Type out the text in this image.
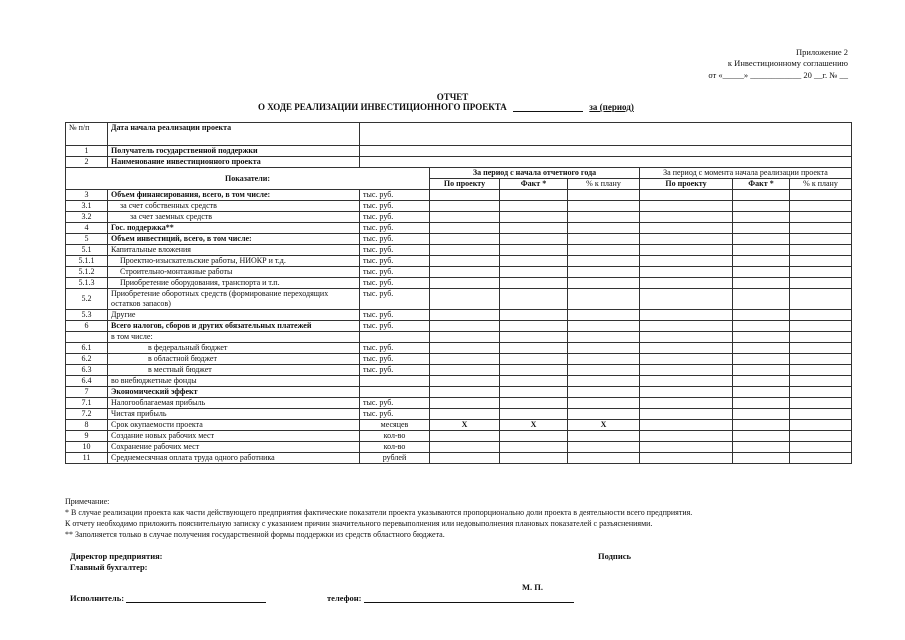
Приложение 2
к Инвестиционному соглашению
от «_____» ____________ 20 __г. № __
ОТЧЕТ
О ХОДЕ РЕАЛИЗАЦИИ ИНВЕСТИЦИОННОГО ПРОЕКТА	за (период)
№ п/п	Дата начала реализации проекта							
1	Получатель государственной поддержки							
2	Наименование инвестиционного проекта							
Показатели:			За период с начала отчетного года			За период с момента начала реализации проекта		
			По проекту	Факт *	% к плану	По проекту	Факт *	% к плану
3	Объем финансирования, всего, в том числе:	тыс. руб.						
3.1	за счет собственных средств	тыс. руб.						
3.2	за счет заемных средств	тыс. руб.						
4	Гос. поддержка**	тыс. руб.						
5	Объем инвестиций, всего, в том числе:	тыс. руб.						
5.1	Капитальные вложения	тыс. руб.						
5.1.1	Проектно-изыскательские работы, НИОКР и т.д.	тыс. руб.						
5.1.2	Строительно-монтажные работы	тыс. руб.						
5.1.3	Приобретение оборудования, транспорта и т.п.	тыс. руб.						
5.2	Приобретение оборотных средств (формирование переходящих остатков запасов)	тыс. руб.						
5.3	Другие	тыс. руб.						
6	Всего налогов, сборов и других обязательных платежей	тыс. руб.						
	в том числе:							
6.1	в федеральный бюджет	тыс. руб.						
6.2	в областной бюджет	тыс. руб.						
6.3	в местный бюджет	тыс. руб.						
6.4	во внебюджетные фонды							
7	Экономический эффект							
7.1	Налогооблагаемая прибыль	тыс. руб.						
7.2	Чистая прибыль	тыс. руб.						
8	Срок окупаемости проекта	месяцев	X	X	X			
9	Создание новых рабочих мест	кол-во						
10	Сохранение рабочих мест	кол-во						
11	Среднемесячная оплата труда одного работника	рублей						
Примечание:
* В случае реализации проекта как части действующего предприятия фактические показатели проекта указываются пропорционально доли проекта в деятельности всего предприятия.
К отчету необходимо приложить пояснительную записку с указанием причин значительного перевыполнения или недовыполнения плановых показателей с разъяснениями.
** Заполняется только в случае получения государственной формы поддержки из средств областного бюджета.
Директор предприятия:
Главный бухгалтер:
Подпись
М. П.
Исполнитель:	телефон:
